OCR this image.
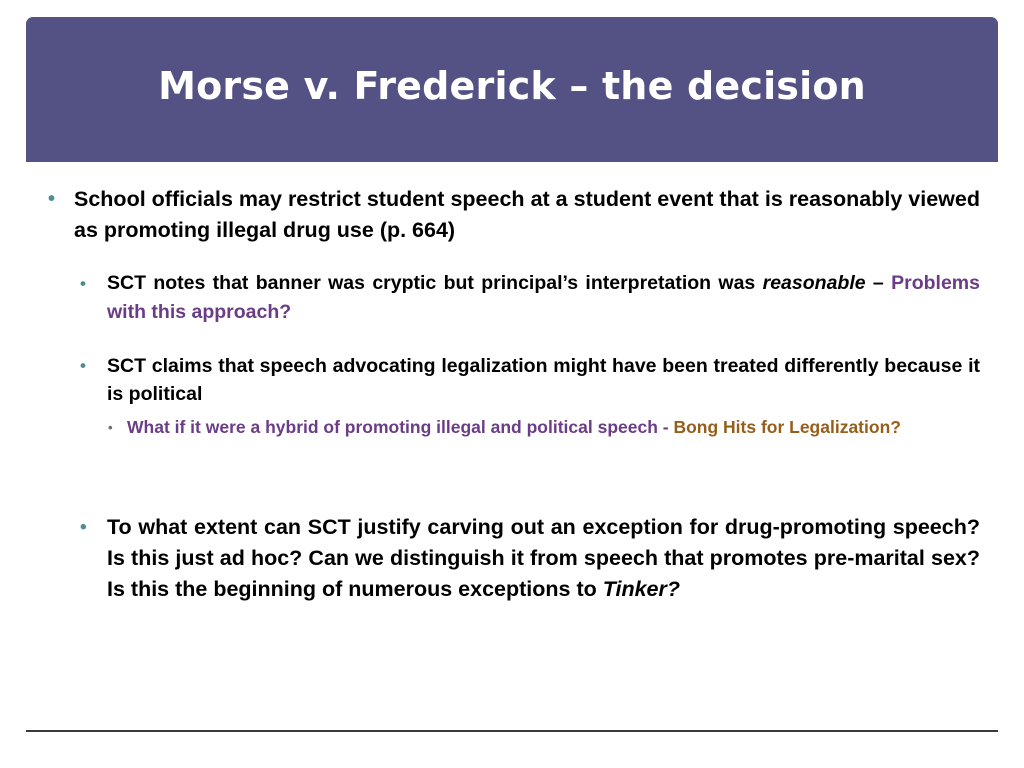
Morse v. Frederick – the decision
• School officials may restrict student speech at a student event that is reasonably viewed as promoting illegal drug use (p. 664)
•	SCT notes that banner was cryptic but principal’s interpretation was reasonable – Problems with this approach?
•	SCT claims that speech advocating legalization might have been treated differently because it is political
• What if it were a hybrid of promoting illegal and political speech - Bong Hits for Legalization?
• To what extent can SCT justify carving out an exception for drug-promoting speech? Is this just ad hoc? Can we distinguish it from speech that promotes pre-marital sex? Is this the beginning of numerous exceptions to Tinker?
